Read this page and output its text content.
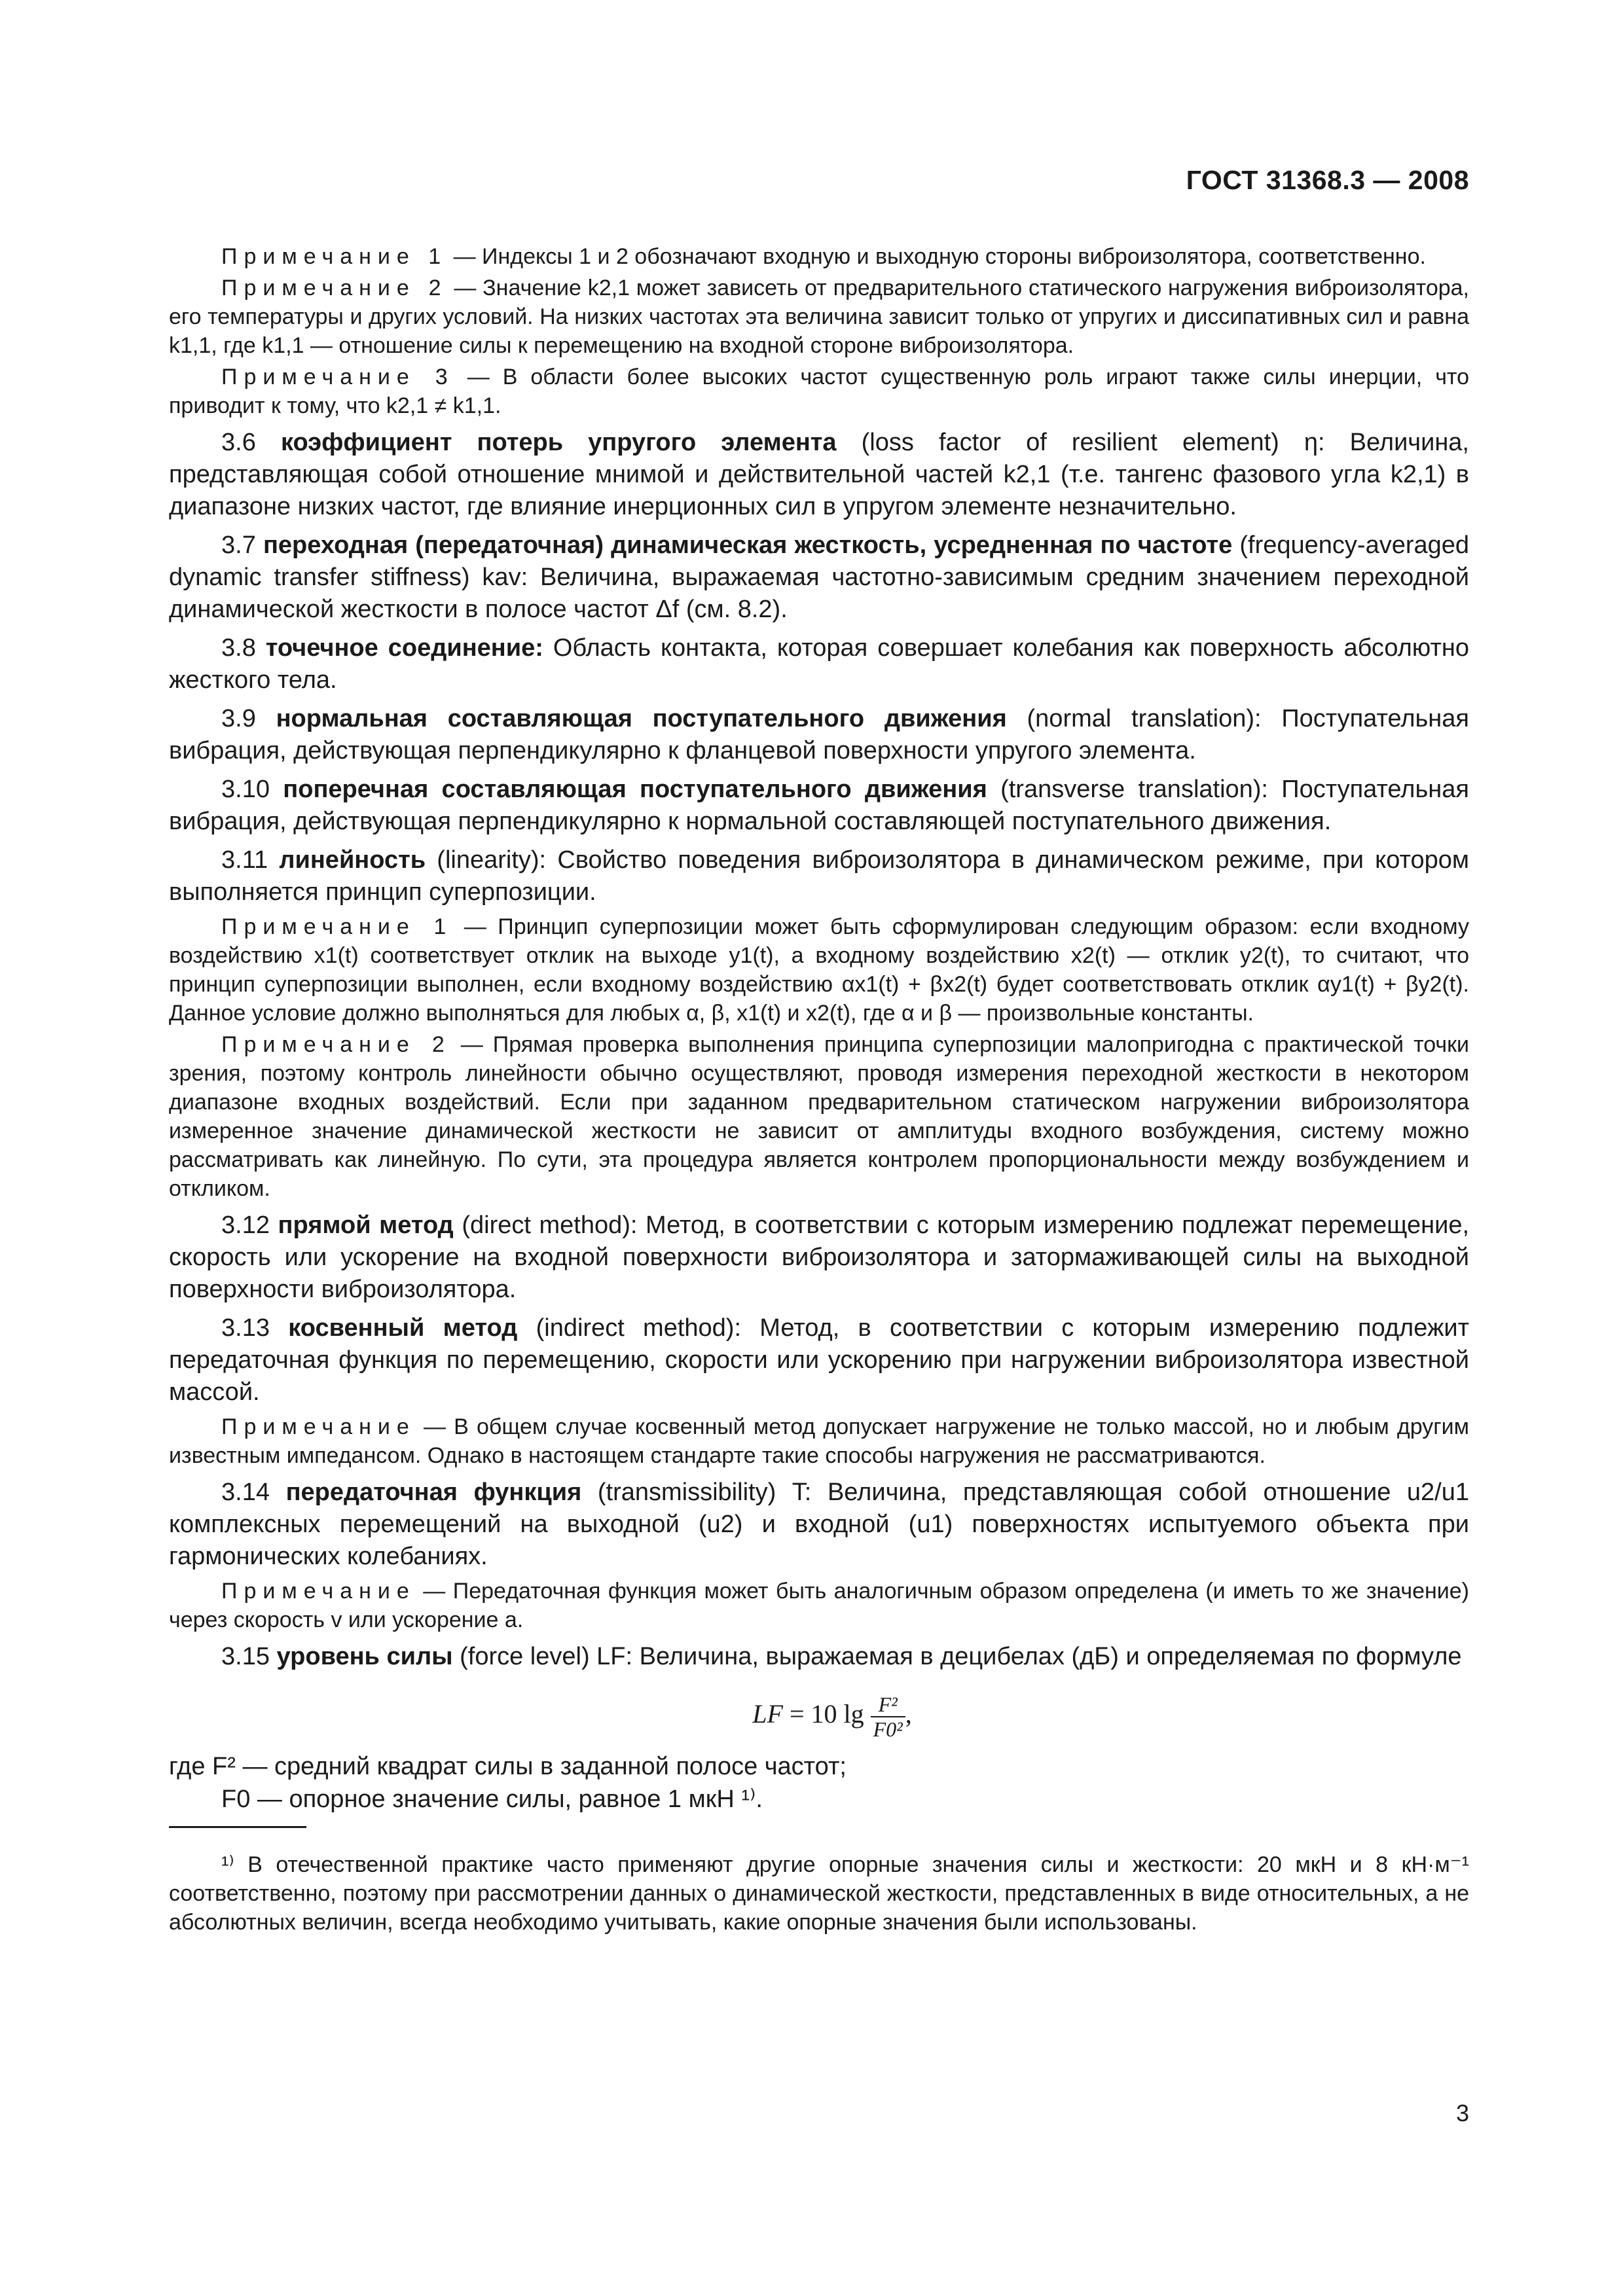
ГОСТ 31368.3 — 2008

Примечание 1 — Индексы 1 и 2 обозначают входную и выходную стороны виброизолятора, соответственно.

Примечание 2 — Значение k2,1 может зависеть от предварительного статического нагружения виброизолятора, его температуры и других условий. На низких частотах эта величина зависит только от упругих и диссипативных сил и равна k1,1, где k1,1 — отношение силы к перемещению на входной стороне виброизолятора.

Примечание 3 — В области более высоких частот существенную роль играют также силы инерции, что приводит к тому, что k2,1 ≠ k1,1.

3.6 коэффициент потерь упругого элемента (loss factor of resilient element) η: Величина, представляющая собой отношение мнимой и действительной частей k2,1 (т.е. тангенс фазового угла k2,1) в диапазоне низких частот, где влияние инерционных сил в упругом элементе незначительно.

3.7 переходная (передаточная) динамическая жесткость, усредненная по частоте (frequency-averaged dynamic transfer stiffness) kav: Величина, выражаемая частотно-зависимым средним значением переходной динамической жесткости в полосе частот Δf (см. 8.2).

3.8 точечное соединение: Область контакта, которая совершает колебания как поверхность абсолютно жесткого тела.

3.9 нормальная составляющая поступательного движения (normal translation): Поступательная вибрация, действующая перпендикулярно к фланцевой поверхности упругого элемента.

3.10 поперечная составляющая поступательного движения (transverse translation): Поступательная вибрация, действующая перпендикулярно к нормальной составляющей поступательного движения.

3.11 линейность (linearity): Свойство поведения виброизолятора в динамическом режиме, при котором выполняется принцип суперпозиции.

Примечание 1 — Принцип суперпозиции может быть сформулирован следующим образом: если входному воздействию x1(t) соответствует отклик на выходе y1(t), а входному воздействию x2(t) — отклик y2(t), то считают, что принцип суперпозиции выполнен, если входному воздействию αx1(t) + βx2(t) будет соответствовать отклик αy1(t) + βy2(t). Данное условие должно выполняться для любых α, β, x1(t) и x2(t), где α и β — произвольные константы.

Примечание 2 — Прямая проверка выполнения принципа суперпозиции малопригодна с практической точки зрения, поэтому контроль линейности обычно осуществляют, проводя измерения переходной жесткости в некотором диапазоне входных воздействий. Если при заданном предварительном статическом нагружении виброизолятора измеренное значение динамической жесткости не зависит от амплитуды входного возбуждения, систему можно рассматривать как линейную. По сути, эта процедура является контролем пропорциональности между возбуждением и откликом.

3.12 прямой метод (direct method): Метод, в соответствии с которым измерению подлежат перемещение, скорость или ускорение на входной поверхности виброизолятора и затормаживающей силы на выходной поверхности виброизолятора.

3.13 косвенный метод (indirect method): Метод, в соответствии с которым измерению подлежит передаточная функция по перемещению, скорости или ускорению при нагружении виброизолятора известной массой.

Примечание — В общем случае косвенный метод допускает нагружение не только массой, но и любым другим известным импедансом. Однако в настоящем стандарте такие способы нагружения не рассматриваются.

3.14 передаточная функция (transmissibility) T: Величина, представляющая собой отношение u2/u1 комплексных перемещений на выходной (u2) и входной (u1) поверхностях испытуемого объекта при гармонических колебаниях.

Примечание — Передаточная функция может быть аналогичным образом определена (и иметь то же значение) через скорость v или ускорение a.

3.15 уровень силы (force level) LF: Величина, выражаемая в децибелах (дБ) и определяемая по формуле

LF = 10 $\lg \frac{\text{F²}}{\text{F0²}}$ ,
где F² — средний квадрат силы в заданной полосе частот;
F0 — опорное значение силы, равное 1 мкН ¹⁾.

¹⁾ В отечественной практике часто применяют другие опорные значения силы и жесткости: 20 мкН и 8 кН·м⁻¹ соответственно, поэтому при рассмотрении данных о динамической жесткости, представленных в виде относительных, а не абсолютных величин, всегда необходимо учитывать, какие опорные значения были использованы.

3
